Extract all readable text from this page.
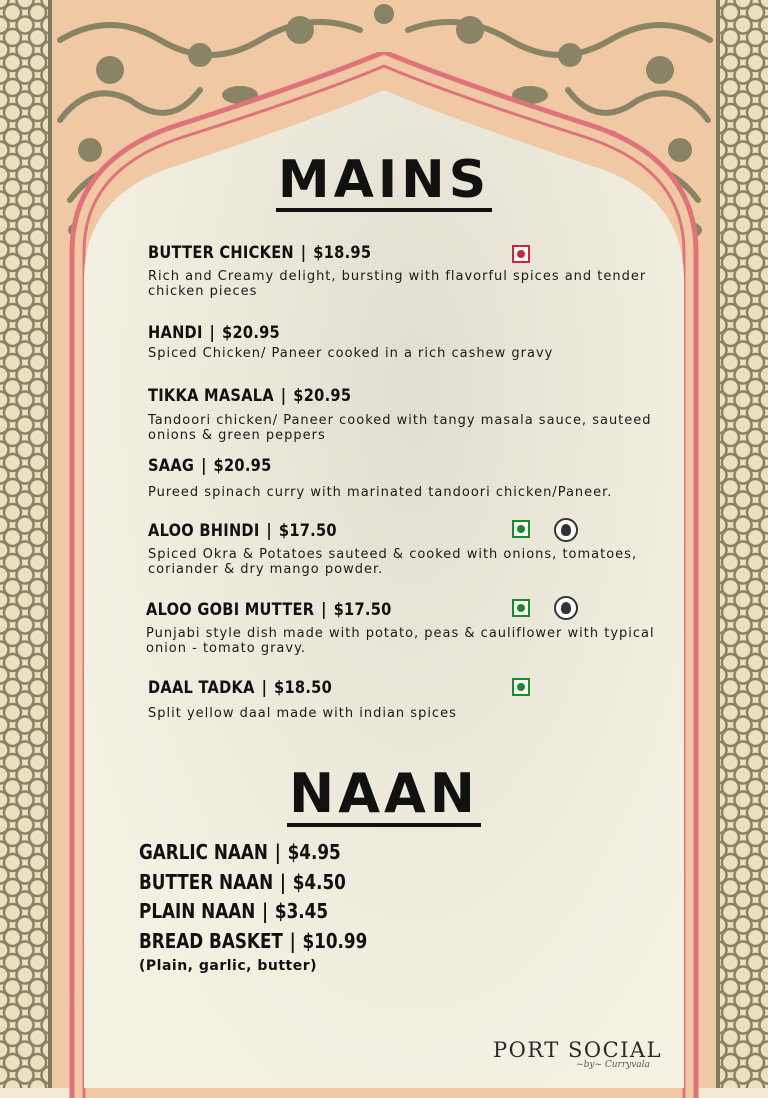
MAINS
BUTTER CHICKEN | $18.95
Rich and Creamy delight, bursting with flavorful spices and tender chicken pieces
HANDI | $20.95
Spiced Chicken/ Paneer cooked in a rich cashew gravy
TIKKA MASALA | $20.95
Tandoori chicken/ Paneer cooked with tangy masala sauce, sauteed onions & green peppers
SAAG | $20.95
Pureed spinach curry with marinated tandoori chicken/Paneer.
ALOO BHINDI | $17.50
Spiced Okra & Potatoes sauteed & cooked with onions, tomatoes, coriander & dry mango powder.
ALOO GOBI MUTTER | $17.50
Punjabi style dish made with potato, peas & cauliflower with typical onion - tomato gravy.
DAAL TADKA | $18.50
Split yellow daal made with indian spices
NAAN
GARLIC NAAN | $4.95
BUTTER NAAN | $4.50
PLAIN NAAN | $3.45
BREAD BASKET | $10.99
(Plain, garlic, butter)
PORT SOCIAL
~by~ Curryvala
